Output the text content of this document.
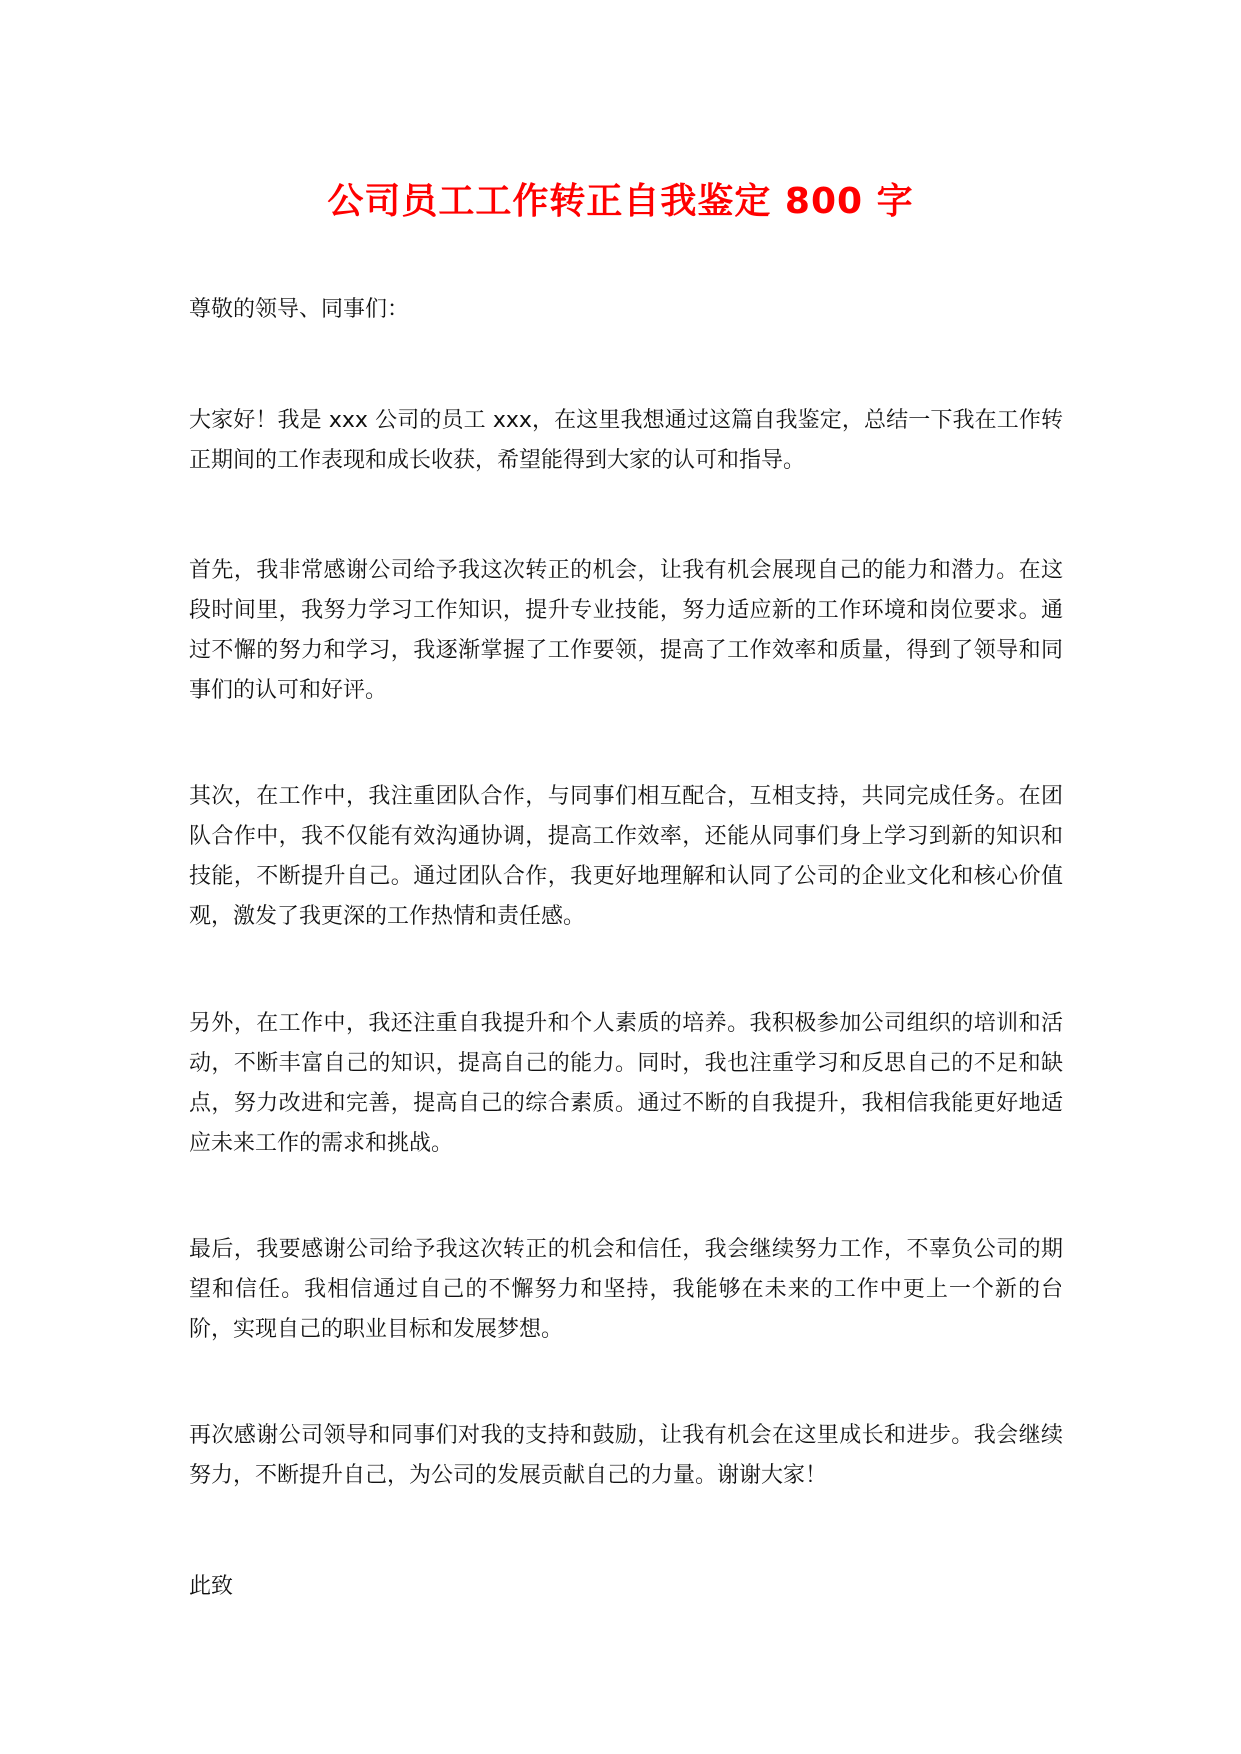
公司员工工作转正自我鉴定 800 字

尊敬的领导、同事们：

大家好！我是 xxx 公司的员工 xxx，在这里我想通过这篇自我鉴定，总结一下我在工作转正期间的工作表现和成长收获，希望能得到大家的认可和指导。

首先，我非常感谢公司给予我这次转正的机会，让我有机会展现自己的能力和潜力。在这段时间里，我努力学习工作知识，提升专业技能，努力适应新的工作环境和岗位要求。通过不懈的努力和学习，我逐渐掌握了工作要领，提高了工作效率和质量，得到了领导和同事们的认可和好评。

其次，在工作中，我注重团队合作，与同事们相互配合，互相支持，共同完成任务。在团队合作中，我不仅能有效沟通协调，提高工作效率，还能从同事们身上学习到新的知识和技能，不断提升自己。通过团队合作，我更好地理解和认同了公司的企业文化和核心价值观，激发了我更深的工作热情和责任感。

另外，在工作中，我还注重自我提升和个人素质的培养。我积极参加公司组织的培训和活动，不断丰富自己的知识，提高自己的能力。同时，我也注重学习和反思自己的不足和缺点，努力改进和完善，提高自己的综合素质。通过不断的自我提升，我相信我能更好地适应未来工作的需求和挑战。

最后，我要感谢公司给予我这次转正的机会和信任，我会继续努力工作，不辜负公司的期望和信任。我相信通过自己的不懈努力和坚持，我能够在未来的工作中更上一个新的台阶，实现自己的职业目标和发展梦想。

再次感谢公司领导和同事们对我的支持和鼓励，让我有机会在这里成长和进步。我会继续努力，不断提升自己，为公司的发展贡献自己的力量。谢谢大家！

此致
